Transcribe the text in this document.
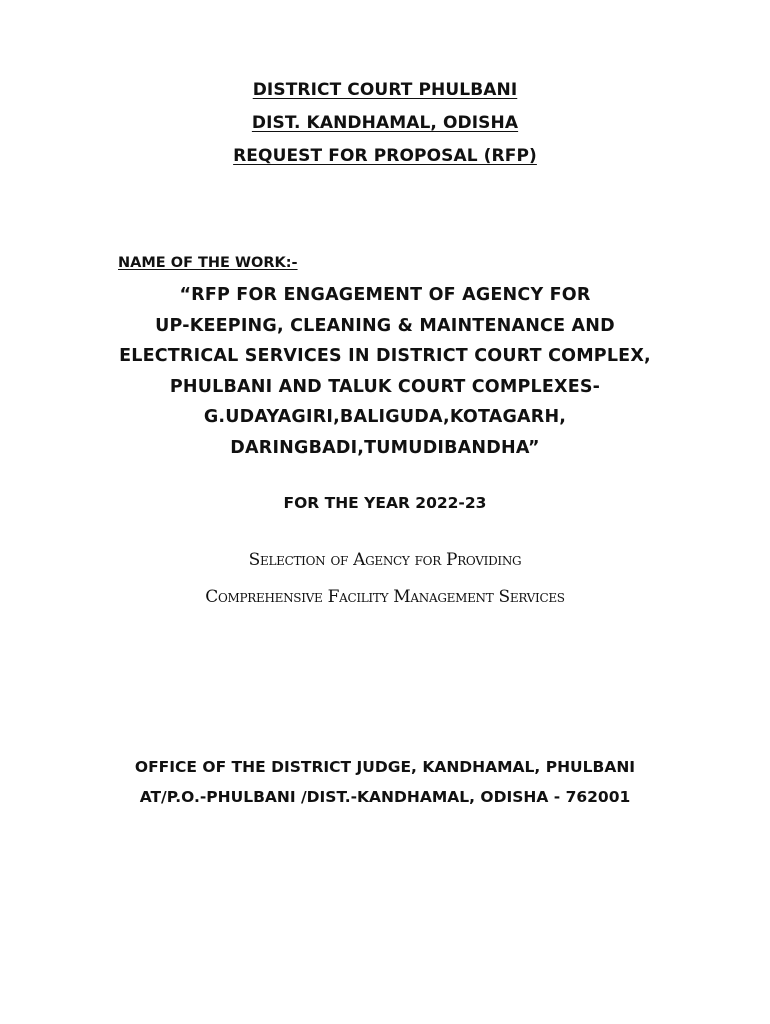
DISTRICT COURT PHULBANI
DIST. KANDHAMAL, ODISHA
REQUEST FOR PROPOSAL (RFP)
NAME OF THE WORK:-
“RFP FOR ENGAGEMENT OF AGENCY FOR
UP-KEEPING, CLEANING & MAINTENANCE AND
ELECTRICAL SERVICES IN DISTRICT COURT COMPLEX,
PHULBANI AND TALUK COURT COMPLEXES-
G.UDAYAGIRI,BALIGUDA,KOTAGARH,
DARINGBADI,TUMUDIBANDHA”
FOR THE YEAR 2022-23
Selection of Agency for Providing
Comprehensive Facility Management Services
OFFICE OF THE DISTRICT JUDGE, KANDHAMAL, PHULBANI
AT/P.O.-PHULBANI /DIST.-KANDHAMAL, ODISHA - 762001
